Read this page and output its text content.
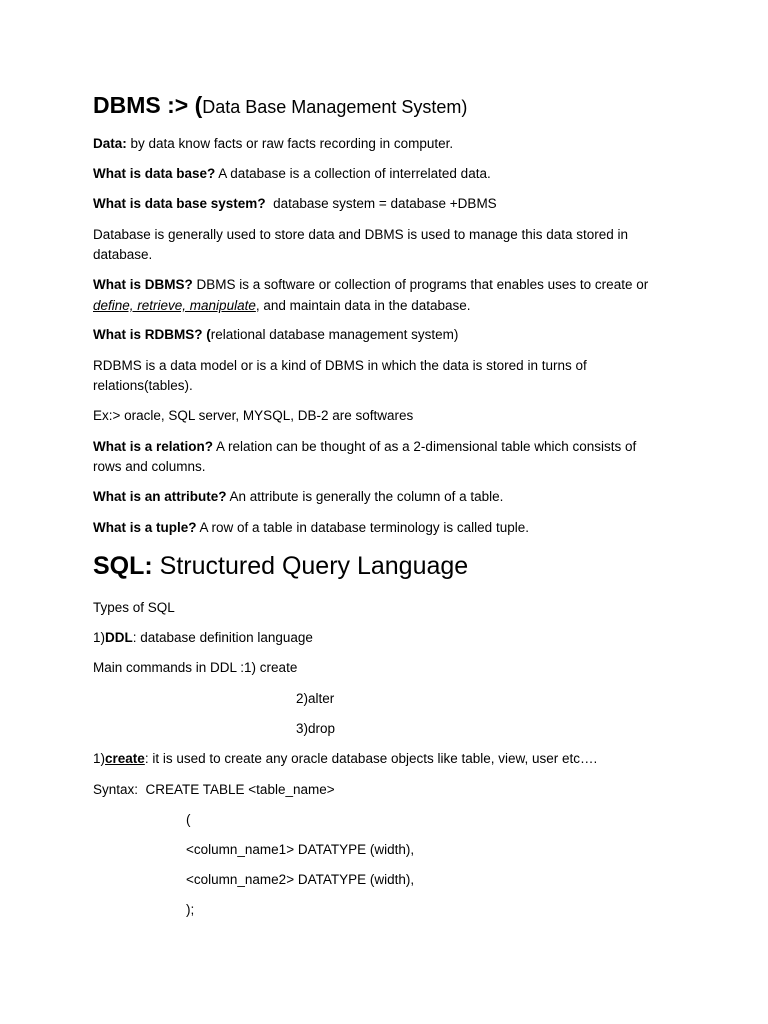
DBMS :> (Data Base Management System)

Data: by data know facts or raw facts recording in computer.

What is data base? A database is a collection of interrelated data.

What is data base system?  database system = database +DBMS

Database is generally used to store data and DBMS is used to manage this data stored in

database.

What is DBMS? DBMS is a software or collection of programs that enables uses to create or

define, retrieve, manipulate, and maintain data in the database.

What is RDBMS? (relational database management system)

RDBMS is a data model or is a kind of DBMS in which the data is stored in turns of

relations(tables).

Ex:> oracle, SQL server, MYSQL, DB-2 are softwares

What is a relation? A relation can be thought of as a 2-dimensional table which consists of

rows and columns.

What is an attribute? An attribute is generally the column of a table.

What is a tuple? A row of a table in database terminology is called tuple.

SQL: Structured Query Language

Types of SQL

1)DDL: database definition language

Main commands in DDL :1) create

2)alter

3)drop

1)create: it is used to create any oracle database objects like table, view, user etc….

Syntax:  CREATE TABLE <table_name>

(

<column_name1> DATATYPE (width),

<column_name2> DATATYPE (width),

);
